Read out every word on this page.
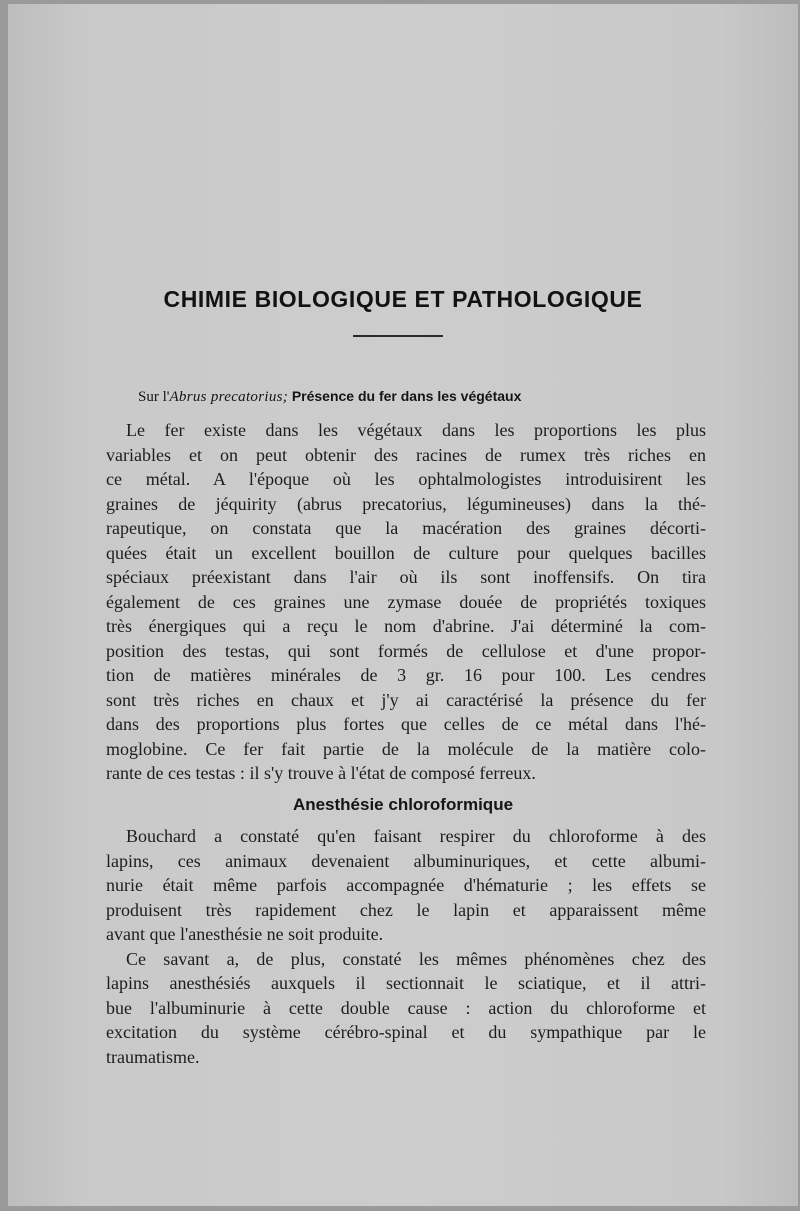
CHIMIE BIOLOGIQUE ET PATHOLOGIQUE
Sur l'Abrus precatorius; Présence du fer dans les végétaux
Le fer existe dans les végétaux dans les proportions les plus
variables et on peut obtenir des racines de rumex très riches en
ce métal. A l'époque où les ophtalmologistes introduisirent les
graines de jéquirity (abrus precatorius, légumineuses) dans la thé-
rapeutique, on constata que la macération des graines décorti-
quées était un excellent bouillon de culture pour quelques bacilles
spéciaux préexistant dans l'air où ils sont inoffensifs. On tira
également de ces graines une zymase douée de propriétés toxiques
très énergiques qui a reçu le nom d'abrine. J'ai déterminé la com-
position des testas, qui sont formés de cellulose et d'une propor-
tion de matières minérales de 3 gr. 16 pour 100. Les cendres
sont très riches en chaux et j'y ai caractérisé la présence du fer
dans des proportions plus fortes que celles de ce métal dans l'hé-
moglobine. Ce fer fait partie de la molécule de la matière colo-
rante de ces testas : il s'y trouve à l'état de composé ferreux.
Anesthésie chloroformique
Bouchard a constaté qu'en faisant respirer du chloroforme à des
lapins, ces animaux devenaient albuminuriques, et cette albumi-
nurie était même parfois accompagnée d'hématurie ; les effets se
produisent très rapidement chez le lapin et apparaissent même
avant que l'anesthésie ne soit produite.
Ce savant a, de plus, constaté les mêmes phénomènes chez des
lapins anesthésiés auxquels il sectionnait le sciatique, et il attri-
bue l'albuminurie à cette double cause : action du chloroforme et
excitation du système cérébro-spinal et du sympathique par le
traumatisme.
